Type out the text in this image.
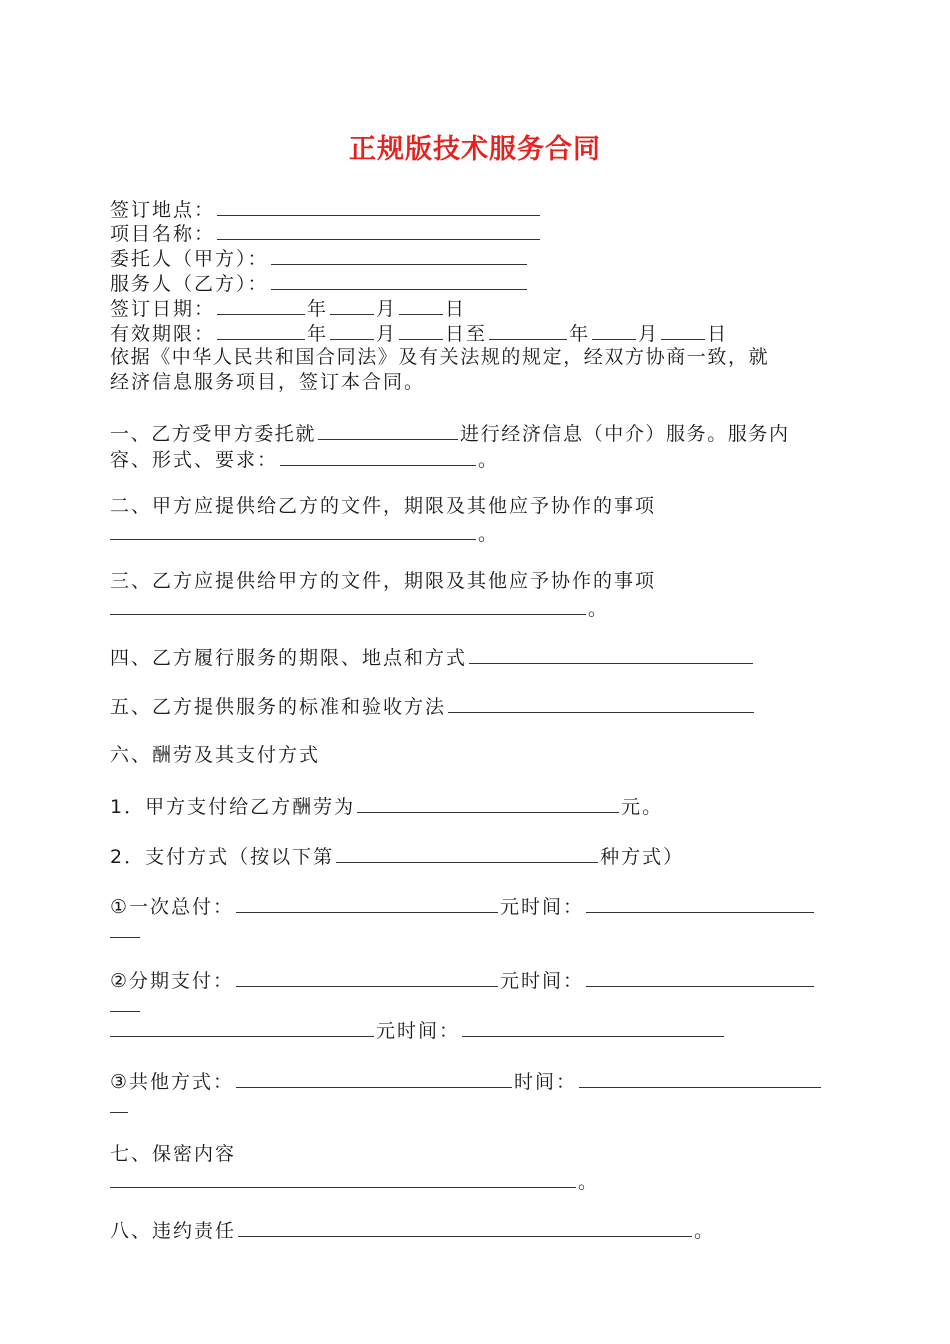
正规版技术服务合同
签订地点：
项目名称：
委托人（甲方）：
服务人（乙方）：
签订日期：	年	月	日
有效期限：	年	月	日至	年	月	日
依据《中华人民共和国合同法》及有关法规的规定，经双方协商一致，就
经济信息服务项目，签订本合同。
一、乙方受甲方委托就	进行经济信息（中介）服务。服务内
容、形式、要求：	。
二、甲方应提供给乙方的文件，期限及其他应予协作的事项
。
三、乙方应提供给甲方的文件，期限及其他应予协作的事项
。
四、乙方履行服务的期限、地点和方式
五、乙方提供服务的标准和验收方法
六、酬劳及其支付方式
1．甲方支付给乙方酬劳为	元。
2．支付方式（按以下第	种方式）
①一次总付：	元时间：
②分期支付：	元时间：
元时间：
③共他方式：	时间：
七、保密内容
。
八、违约责任	。
